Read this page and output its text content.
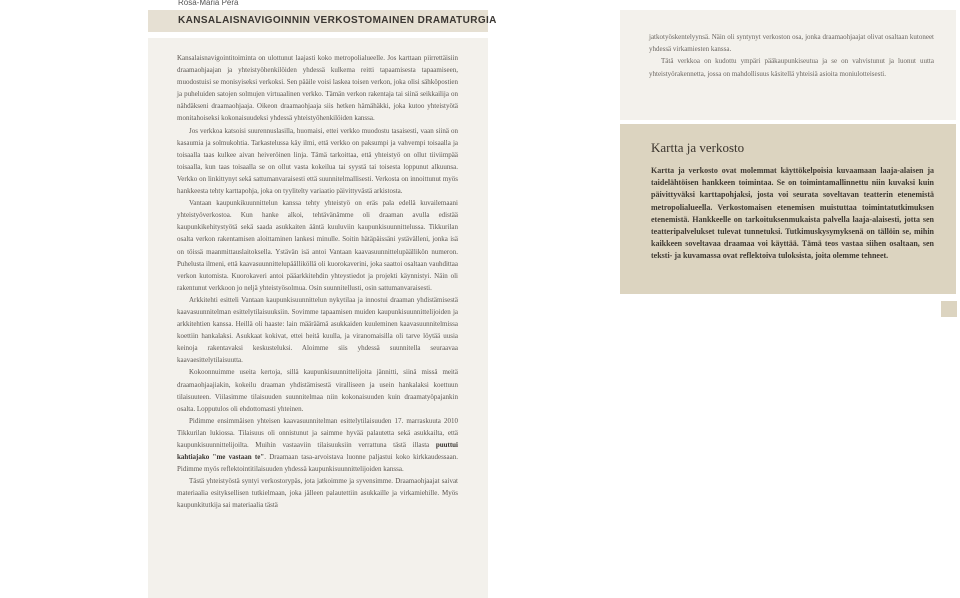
Rosa-Maria Perä
KANSALAISNAVIGOINNIN VERKOSTOMAINEN DRAMATURGIA

Kansalaisnavigointitoiminta on ulottunut laajasti koko metropolialueelle. Jos karttaan piirrettäisiin draamaohjaajan ja yhteistyöhenkilöiden yhdessä kulkema reitti tapaamisesta tapaamiseen, muodostuisi se monisyiseksi verkoksi. Sen pääile voisi laskea toisen verkon, joka olisi sähköpostien ja puheluiden satojen solmujen virtuaalinen verkko. Tämän verkon rakentaja tai siinä seikkailija on nähdäkseni draamaohjaaja. Oikeon draamaohjaaja siis hetken hämähäkki, joka kutoo yhteistyötä monitahoiseksi kokonaisuudeksi yhdessä yhteistyöhenkilöiden kanssa.

Jos verkkoa katsoisi suurennuslasilla, huomaisi, ettei verkko muodostu tasaisesti, vaan siinä on kasaumia ja solmukohtia. Tarkastelussa käy ilmi, että verkko on paksumpi ja vahvempi toisaalla ja toisaalla taas kulkee aivan heiveröinen linja. Tämä tarkoittaa, että yhteistyö on ollut tiiviimpää toisaalla, kun taas toisaalla se on ollut vasta kokeilua tai syystä tai toisesta loppunut alkuunsa. Verkko on linkittynyt sekä sattumanvaraisesti että suunnitelmallisesti. Verkosta on innoittunut myös hankkeesta tehty karttapohja, joka on tyylitelty variaatio päivittyvästä arkistosta.

Vantaan kaupunkikuunnittelun kanssa tehty yhteistyö on eräs pala edellä kuvailemaani yhteistyöverkostoa. Kun hanke alkoi, tehtävänämme oli draaman avulla edistää kaupunkikehitystyötä sekä saada asukkaiten ääntä kuuluviin kaupunkisuunnittelussa. Tikkurilan osalta verkon rakentamisen aloittaminen lankesi minulle. Soitin hätäpäissäni ystävälleni, jonka isä on töissä maanmittauslaitoksella. Ystävän isä antoi Vantaan kaavasuunnittelupäällikön numeron. Puhelusta ilmeni, että kaavasuunnittelupäälliköllä oli kuorokaverini, joka saattoi osaltaan vauhdittaa verkon kutomista. Kuorokaveri antoi pääarkkitehdin yhteystiedot ja projekti käynnistyi. Näin oli rakentunut verkkoon jo neljä yhteistyösolmua. Osin suunnitellusti, osin sattumanvaraisesti.

Arkkitehti esitteli Vantaan kaupunkisuunnittelun nykytilaa ja innostui draaman yhdistämisestä kaavasuunnitelman esittelytilaisuuksiin. Sovimme tapaamisen muiden kaupunkisuunnittelijoiden ja arkkitehtien kanssa. Heillä oli haaste: lain määräämä asukkaiden kuuleminen kaavasuunnitelmissa koettiin hankalaksi. Asukkaat kokivat, ettei heitä kuulla, ja viranomaisilla oli tarve löytää uusia keinoja rakentavaksi keskusteluksi. Aloimme siis yhdessä suunnitella seuraavaa kaavaesittelytilaisuutta.

Kokoonnuimme useita kertoja, sillä kaupunkisuunnittelijoita jännitti, siinä missä meitä draamaohjaajiakin, kokeilu draaman yhdistämisestä viralliseen ja usein hankalaksi koettuun tilaisuuteen. Viilasimme tilaisuuden suunnitelmaa niin kokonaisuuden kuin draamatyöpajankin osalta. Lopputulos oli ehdottomasti yhteinen.

Pidimme ensimmäisen yhteisen kaavasuunnitelman esittelytilaisuuden 17. marraskuuta 2010 Tikkurilan lukiossa. Tilaisuus oli onnistunut ja saimme hyvää palautetta sekä asukkailta, että kaupunkisuunnittelijoilta. Muihin vastaaviin tilaisuuksiin verrattuna tästä illasta puuttui kahtiajako "me vastaan te". Draamaan tasa-arvoistava luonne paljastui koko kirkkaudessaan. Pidimme myös reflektointitilaisuuden yhdessä kaupunkisuunnittelijoiden kanssa.

Tästä yhteistyöstä syntyi verkostorypäs, jota jatkoimme ja syvensimme. Draamaohjaajat saivat materiaalia esityksellisen tutkielmaan, joka jälleen palautettiin asukkaille ja virkamiehille. Myös kaupunkitutkija sai materiaalia tästä

jatkotyöskentelyynsä. Näin oli syntynyt verkoston osa, jonka draamaohjaajat olivat osaltaan kutoneet yhdessä virkamiesten kanssa.

Tätä verkkoa on kudottu ympäri pääkaupunkiseutua ja se on vahvistunut ja luonut uutta yhteistyörakennetta, jossa on mahdollisuus käsitellä yhteisiä asioita moniulotteisesti.

Kartta ja verkosto

Kartta ja verkosto ovat molemmat käyttökelpoisia kuvaamaan laaja-alaisen ja taidelähtöisen hankkeen toimintaa. Se on toimintamallinnettu niin kuvaksi kuin päivittyväksi karttapohjaksi, josta voi seurata soveltavan teatterin etenemistä metropolialueella. Verkostomaisen etenemisen muistuttaa toimintatutkimuksen etenemistä. Hankkeelle on tarkoituksenmukaista palvella laaja-alaisesti, jotta sen teatteripalvelukset tulevat tunnetuksi. Tutkimuskysymyksenä on tällöin se, mihin kaikkeen soveltavaa draamaa voi käyttää. Tämä teos vastaa siihen osaltaan, sen teksti- ja kuvamassa ovat reflektoiva tuloksista, joita olemme tehneet.
